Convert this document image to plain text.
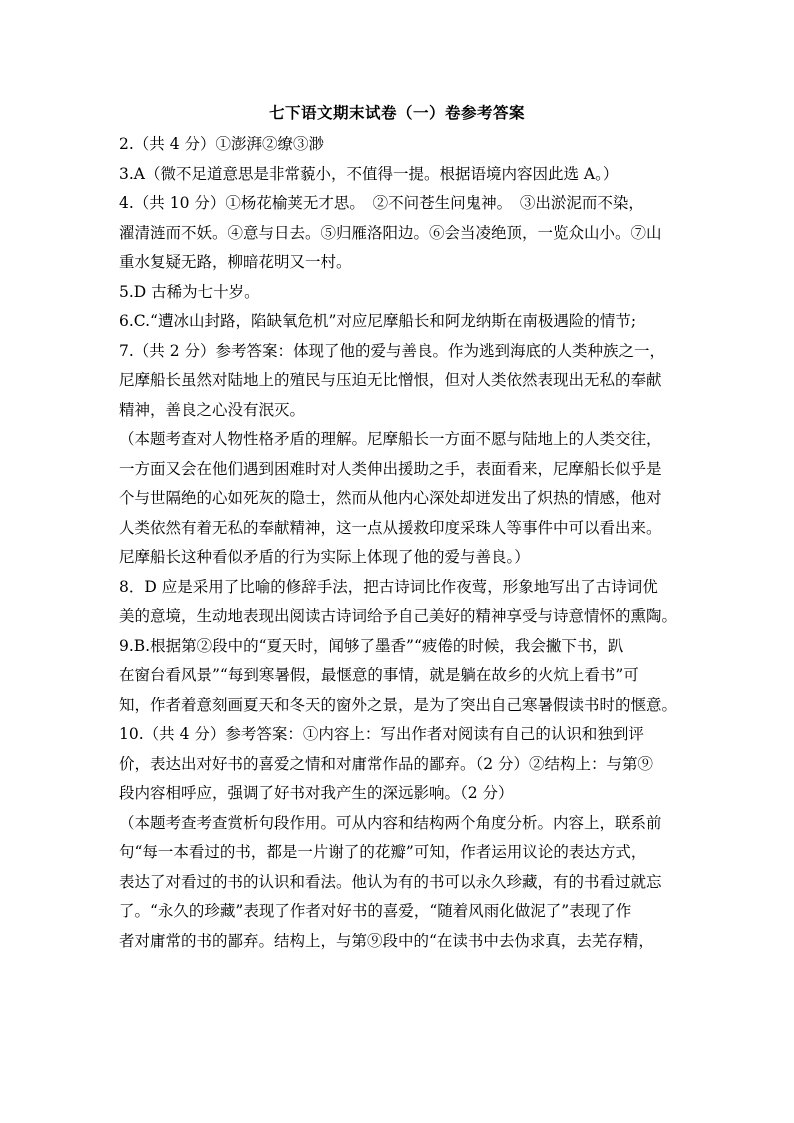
七下语文期末试卷（一）卷参考答案
2.（共 4 分）①澎湃②缭③渺
3.A（微不足道意思是非常藐小，不值得一提。根据语境内容因此选 A。）
4.（共 10 分）①杨花榆荚无才思。　②不问苍生问鬼神。　③出淤泥而不染，
濯清涟而不妖。④意与日去。⑤归雁洛阳边。⑥会当凌绝顶，一览众山小。⑦山
重水复疑无路，柳暗花明又一村。
5.D 古稀为七十岁。
6.C.“遭冰山封路，陷缺氧危机”对应尼摩船长和阿龙纳斯在南极遇险的情节;
7.（共 2 分）参考答案：体现了他的爱与善良。作为逃到海底的人类种族之一，
尼摩船长虽然对陆地上的殖民与压迫无比憎恨，但对人类依然表现出无私的奉献
精神，善良之心没有泯灭。
（本题考查对人物性格矛盾的理解。尼摩船长一方面不愿与陆地上的人类交往，
一方面又会在他们遇到困难时对人类伸出援助之手，表面看来，尼摩船长似乎是
个与世隔绝的心如死灰的隐士，然而从他内心深处却迸发出了炽热的情感，他对
人类依然有着无私的奉献精神，这一点从援救印度采珠人等事件中可以看出来。
尼摩船长这种看似矛盾的行为实际上体现了他的爱与善良。）
8．D 应是采用了比喻的修辞手法，把古诗词比作夜莺，形象地写出了古诗词优
美的意境，生动地表现出阅读古诗词给予自己美好的精神享受与诗意情怀的熏陶。
9.B.根据第②段中的“夏天时，闻够了墨香”“疲倦的时候，我会撇下书，趴
在窗台看风景”“每到寒暑假，最惬意的事情，就是躺在故乡的火炕上看书”可
知，作者着意刻画夏天和冬天的窗外之景，是为了突出自己寒暑假读书时的惬意。
10.（共 4 分）参考答案：①内容上：写出作者对阅读有自己的认识和独到评
价，表达出对好书的喜爱之情和对庸常作品的鄙弃。（2 分）②结构上：与第⑨
段内容相呼应，强调了好书对我产生的深远影响。（2 分）
（本题考查考查赏析句段作用。可从内容和结构两个角度分析。内容上，联系前
句“每一本看过的书，都是一片谢了的花瓣”可知，作者运用议论的表达方式，
表达了对看过的书的认识和看法。他认为有的书可以永久珍藏，有的书看过就忘
了。“永久的珍藏”表现了作者对好书的喜爱，“随着风雨化做泥了”表现了作
者对庸常的书的鄙弃。结构上，与第⑨段中的“在读书中去伪求真，去芜存精，
